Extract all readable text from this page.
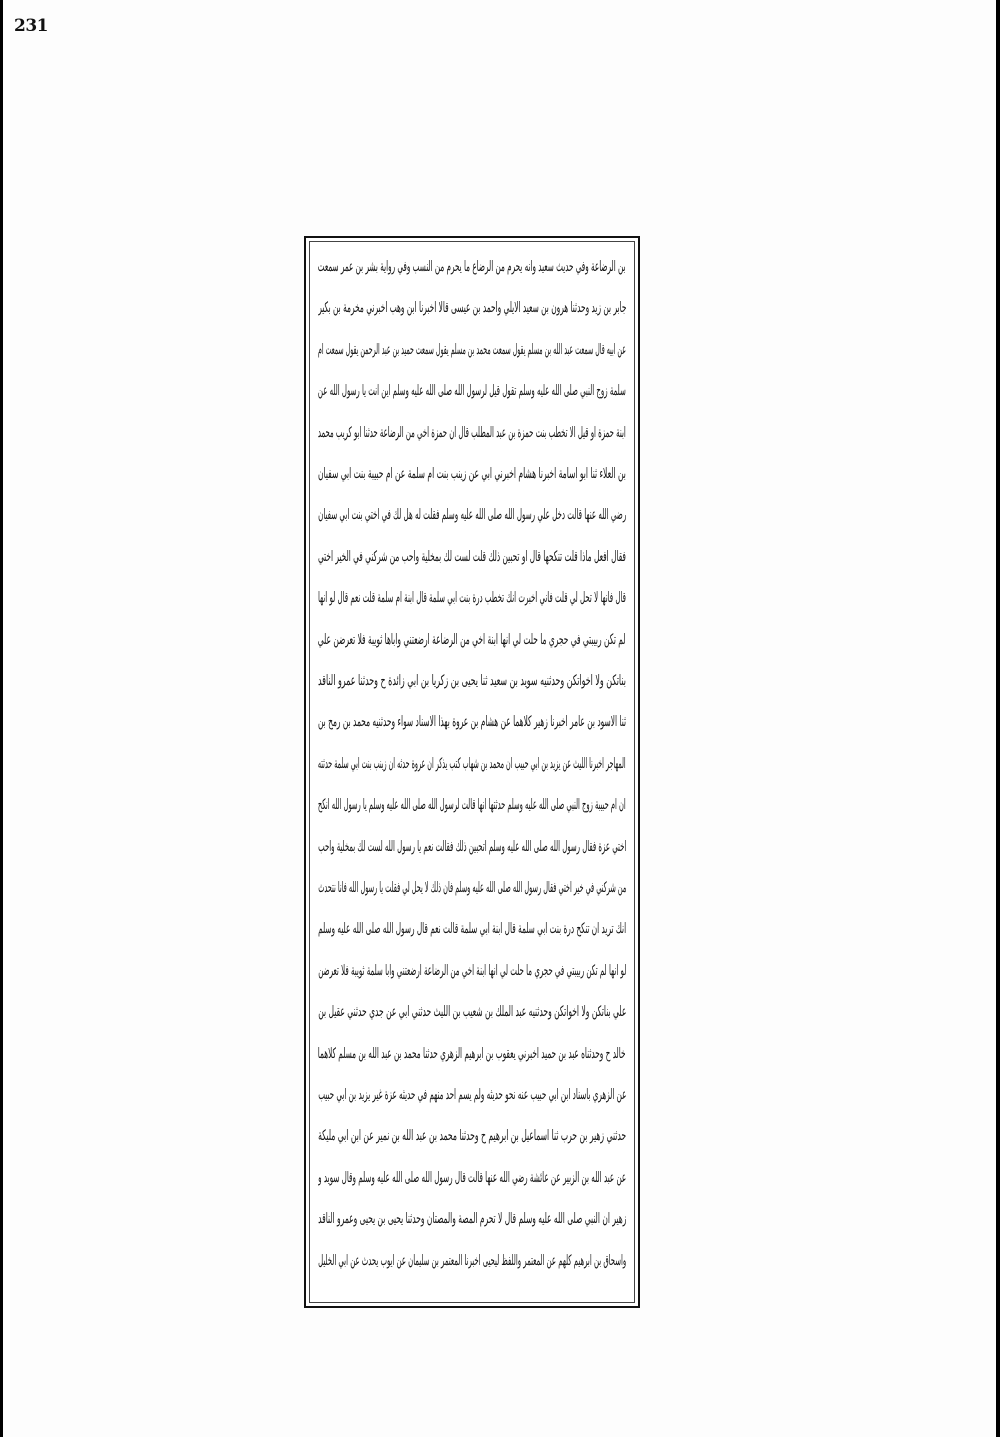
231
بن الرضاعة وفي حديث سعيد وانه يحرم من الرضاع ما يحرم من النسب وفي رواية بشر بن عمر سمعت
جابر بن زيد وحدثنا هرون بن سعيد الايلي واحمد بن عيسى قالا اخبرنا ابن وهب اخبرني مخرمة بن بكير
عن ابيه قال سمعت عبد الله بن مسلم يقول سمعت محمد بن مسلم يقول سمعت حميد بن عبد الرحمن يقول سمعت ام
سلمة زوج النبي صلى الله عليه وسلم تقول قيل لرسول الله صلى الله عليه وسلم اين انت يا رسول الله عن
ابنة حمزة او قيل الا تخطب بنت حمزة بن عبد المطلب قال ان حمزة اخي من الرضاعة حدثنا ابو كريب محمد
بن العلاء ثنا ابو اسامة اخبرنا هشام اخبرني ابي عن زينب بنت ام سلمة عن ام حبيبة بنت ابي سفيان
رضي الله عنها قالت دخل علي رسول الله صلى الله عليه وسلم فقلت له هل لك في اختي بنت ابي سفيان
فقال افعل ماذا قلت تنكحها قال او تحبين ذلك قلت لست لك بمخلية واحب من شركني في الخير اختي
قال فانها لا تحل لي قلت فاني اخبرت انك تخطب درة بنت ابي سلمة قال ابنة ام سلمة قلت نعم قال لو انها
لم تكن ربيبتي في حجري ما حلت لي انها ابنة اخي من الرضاعة ارضعتني واباها ثويبة فلا تعرضن علي
بناتكن ولا اخواتكن وحدثنيه سويد بن سعيد ثنا يحيى بن زكريا بن ابي زائدة ح وحدثنا عمرو الناقد
ثنا الاسود بن عامر اخبرنا زهير كلاهما عن هشام بن عروة بهذا الاسناد سواء وحدثنيه محمد بن رمح بن
المهاجر اخبرنا الليث عن يزيد بن ابي حبيب ان محمد بن شهاب كتب يذكر ان عروة حدثه ان زينب بنت ابي سلمة حدثته
ان ام حبيبة زوج النبي صلى الله عليه وسلم حدثتها انها قالت لرسول الله صلى الله عليه وسلم يا رسول الله انكح
اختي عزة فقال رسول الله صلى الله عليه وسلم اتحبين ذلك فقالت نعم يا رسول الله لست لك بمخلية واحب
من شركني في خير اختي فقال رسول الله صلى الله عليه وسلم فان ذلك لا يحل لي فقلت يا رسول الله فانا نتحدث
انك تريد ان تنكح درة بنت ابي سلمة قال ابنة ابي سلمة قالت نعم قال رسول الله صلى الله عليه وسلم
لو انها لم تكن ربيبتي في حجري ما حلت لي انها ابنة اخي من الرضاعة ارضعتني وابا سلمة ثويبة فلا تعرضن
علي بناتكن ولا اخواتكن وحدثنيه عبد الملك بن شعيب بن الليث حدثني ابي عن جدي حدثني عقيل بن
خالد ح وحدثناه عبد بن حميد اخبرني يعقوب بن ابرهيم الزهري حدثنا محمد بن عبد الله بن مسلم كلاهما
عن الزهري باسناد ابن ابي حبيب عنه نحو حديثه ولم يسم احد منهم في حديثه عزة غير يزيد بن ابي حبيب
حدثني زهير بن حرب ثنا اسماعيل بن ابرهيم ح وحدثنا محمد بن عبد الله بن نمير عن ابن ابي مليكة
عن عبد الله بن الزبير عن عائشة رضي الله عنها قالت قال رسول الله صلى الله عليه وسلم وقال سويد و
زهير ان النبي صلى الله عليه وسلم قال لا تحرم المصة والمصتان وحدثنا يحيى بن يحيى وعمرو الناقد
واسحاق بن ابرهيم كلهم عن المعتمر واللفظ ليحيى اخبرنا المعتمر بن سليمان عن ايوب يحدث عن ابي الخليل
